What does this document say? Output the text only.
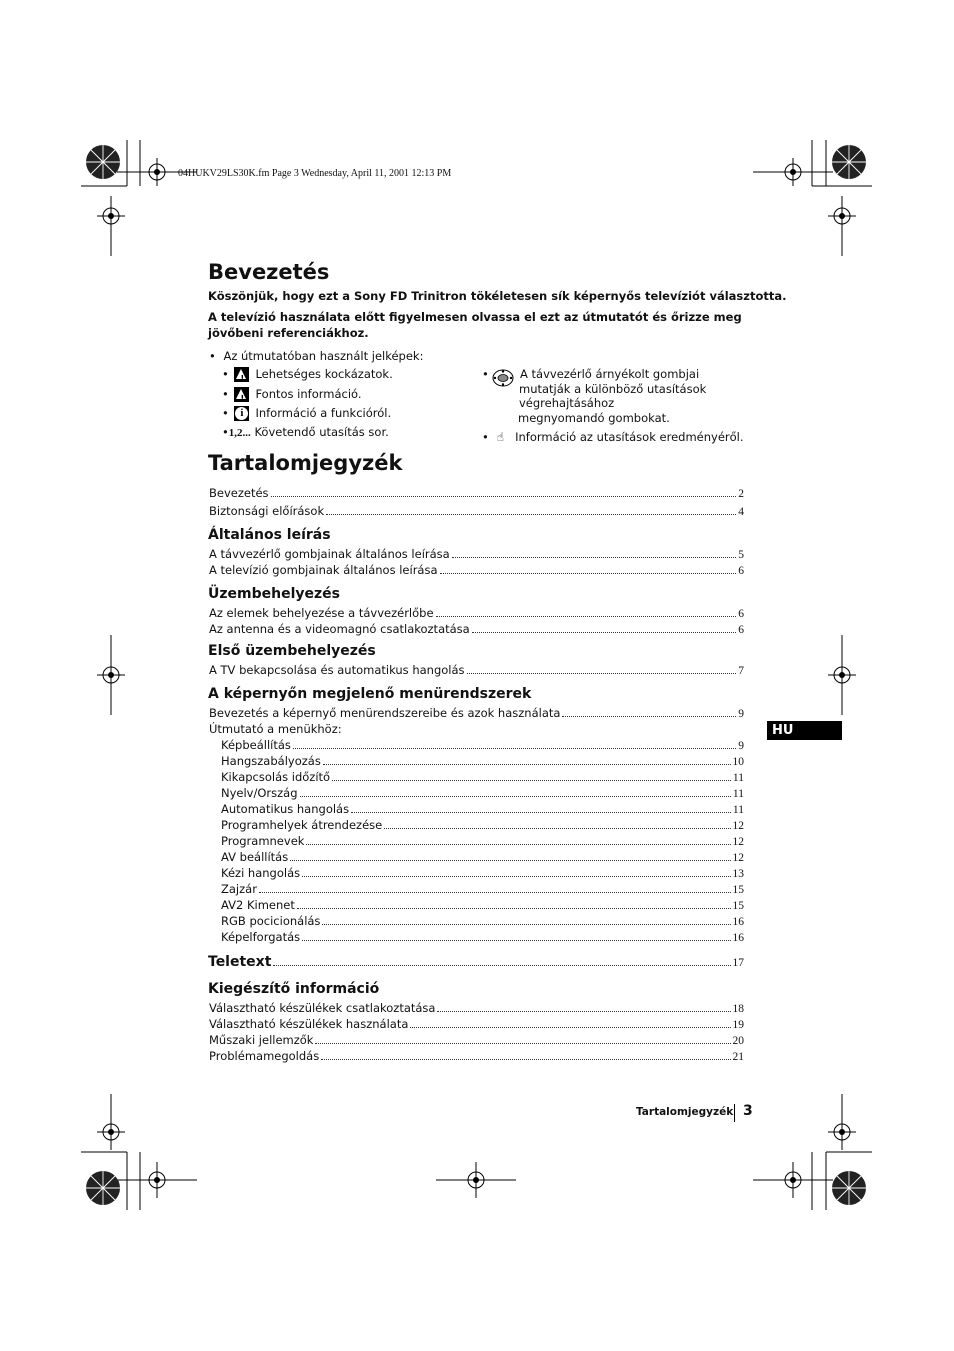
04HUKV29LS30K.fm Page 3 Wednesday, April 11, 2001 12:13 PM
Bevezetés
Köszönjük, hogy ezt a Sony FD Trinitron tökéletesen sík képernyős televíziót választotta.
A televízió használata előtt figyelmesen olvassa el ezt az útmutatót és őrizze meg
jövőbeni referenciákhoz.
• Az útmutatóban használt jelképek:
• ! Lehetséges kockázatok.
• ! Fontos információ.
• i	Információ a funkcióról.
•1,2... Követendő utasítás sor.
•	A távvezérlő árnyékolt gombjai
mutatják a különböző utasítások
végrehajtásához
megnyomandó gombokat.
• ☝ Információ az utasítások eredményéről.
Tartalomjegyzék
Bevezetés	2
Biztonsági előírások	4
Általános leírás
A távvezérlő gombjainak általános leírása	5
A televízió gombjainak általános leírása	6
Üzembehelyezés
Az elemek behelyezése a távvezérlőbe	6
Az antenna és a videomagnó csatlakoztatása	6
Első üzembehelyezés
A TV bekapcsolása és automatikus hangolás	7
A képernyőn megjelenő menürendszerek
Bevezetés a képernyő menürendszereibe és azok használata	9
Útmutató a menükhöz:
Képbeállítás	9
Hangszabályozás	10
Kikapcsolás időzítő	11
Nyelv/Ország	11
Automatikus hangolás	11
Programhelyek átrendezése	12
Programnevek	12
AV beállítás	12
Kézi hangolás	13
Zajzár	15
AV2 Kimenet	15
RGB pocicionálás	16
Képelforgatás	16
Teletext	17
Kiegészítő információ
Választható készülékek csatlakoztatása	18
Választható készülékek használata	19
Műszaki jellemzők	20
Problémamegoldás	21
HU
Tartalomjegyzék 3
